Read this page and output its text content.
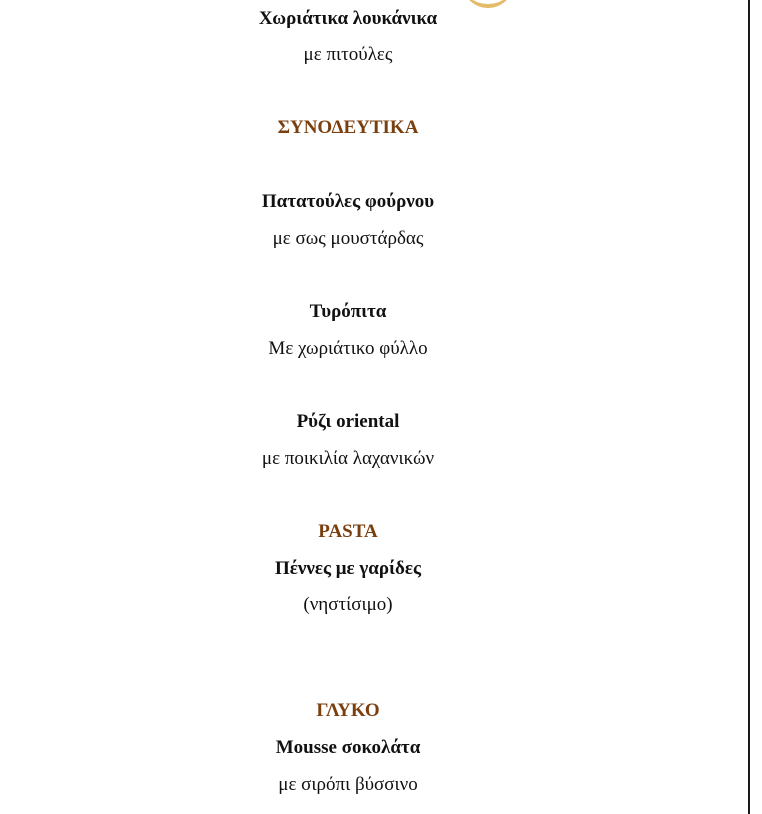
Χωριάτικα λουκάνικα
με πιτούλες
ΣΥΝΟΔΕΥΤΙΚΑ
Πατατούλες φούρνου
με σως μουστάρδας
Τυρόπιτα
Με χωριάτικο φύλλο
Ρύζι oriental
με ποικιλία λαχανικών
PASTA
Πέννες με γαρίδες
(νηστίσιμο)
ΓΛΥΚΟ
Mousse σοκολάτα
με σιρόπι βύσσινο
